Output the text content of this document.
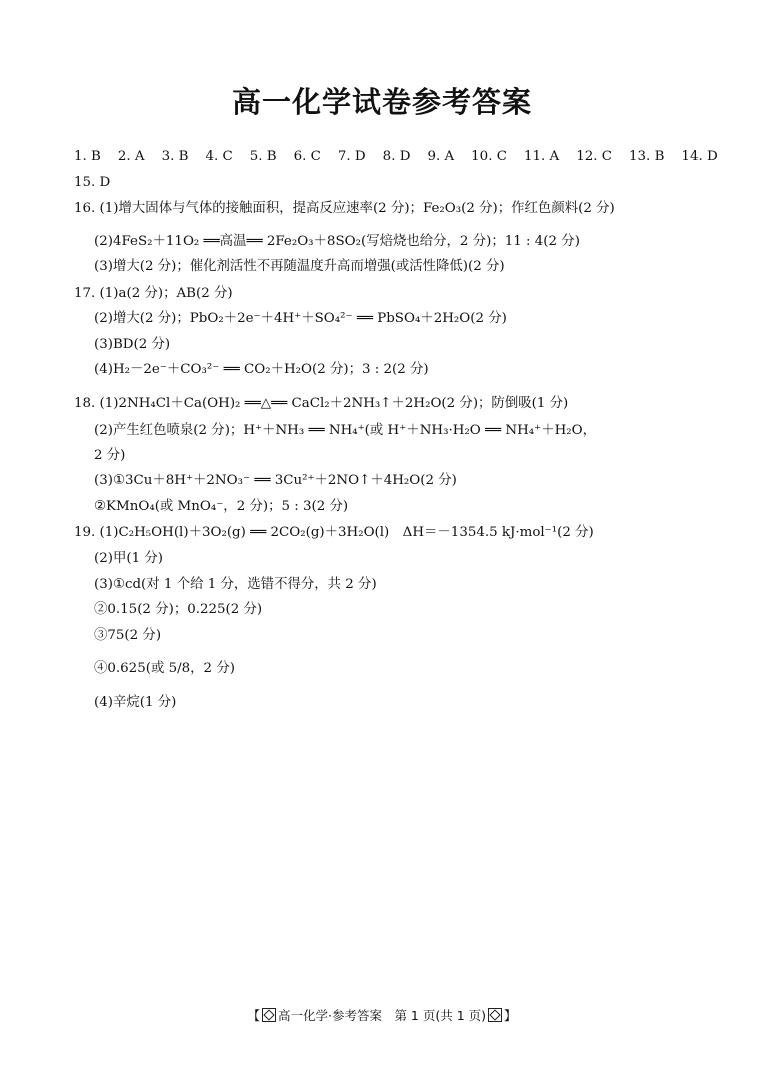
高一化学试卷参考答案
1. B 2. A 3. B 4. C 5. B 6. C 7. D 8. D 9. A 10. C 11. A 12. C 13. B 14. D
15. D
16. (1)增大固体与气体的接触面积，提高反应速率(2 分)；Fe₂O₃(2 分)；作红色颜料(2 分)
(2)4FeS₂＋11O₂ ══高温══ 2Fe₂O₃＋8SO₂(写焙烧也给分，2 分)；11 : 4(2 分)
(3)增大(2 分)；催化剂活性不再随温度升高而增强(或活性降低)(2 分)
17. (1)a(2 分)；AB(2 分)
(2)增大(2 分)；PbO₂＋2e⁻＋4H⁺＋SO₄²⁻ ══ PbSO₄＋2H₂O(2 分)
(3)BD(2 分)
(4)H₂－2e⁻＋CO₃²⁻ ══ CO₂＋H₂O(2 分)；3 : 2(2 分)
18. (1)2NH₄Cl＋Ca(OH)₂ ══△══ CaCl₂＋2NH₃↑＋2H₂O(2 分)；防倒吸(1 分)
(2)产生红色喷泉(2 分)；H⁺＋NH₃ ══ NH₄⁺(或 H⁺＋NH₃·H₂O ══ NH₄⁺＋H₂O，
2 分)
(3)①3Cu＋8H⁺＋2NO₃⁻ ══ 3Cu²⁺＋2NO↑＋4H₂O(2 分)
②KMnO₄(或 MnO₄⁻，2 分)；5 : 3(2 分)
19. (1)C₂H₅OH(l)＋3O₂(g) ══ 2CO₂(g)＋3H₂O(l)　ΔH＝－1354.5 kJ·mol⁻¹(2 分)
(2)甲(1 分)
(3)①cd(对 1 个给 1 分，选错不得分，共 2 分)
②0.15(2 分)；0.225(2 分)
③75(2 分)
④0.625(或 5/8，2 分)
(4)辛烷(1 分)
【 高一化学·参考答案　第 1 页(共 1 页) 】
